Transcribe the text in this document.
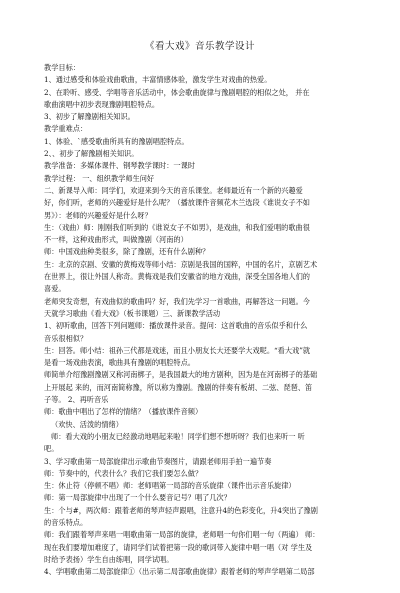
《看大戏》音乐教学设计
教学目标：
1、通过感受和体验戏曲歌曲，丰富情感体验，激发学生对戏曲的热爱。
2、在聆听、感受、学唱等音乐活动中，体会歌曲旋律与豫剧唱腔的相似之处， 并在
歌曲演唱中初步表现豫剧唱腔特点。
3、初步了解豫剧相关知识。
教学重难点：
1、体验、`感受歌曲所具有的豫剧唱腔特点。
2、、初步了解豫剧相关知识。
教学准备：多媒体课件、钢琴教学课时：一课时
教学过程： 一、组织教学师生问好
二、新课导入师：同学们，欢迎来到今天的音乐课堂。老师最近有一个新的兴趣爱
好，你们听，老师的兴趣爱好是什么呢？（播放课件音频花木兰选段《谁说女子不如
男》）：老师的兴趣爱好是什么呀？
生：（戏曲）师：刚刚我们听到的《谁说女子不如男》，是戏曲，和我们爱唱的歌曲很
不一样，这种戏曲形式，叫做豫剧（河南的）
师：中国戏曲种类很多，除了豫剧，还有什么剧种？
生：北京的京剧、安徽的黄梅戏等师小结：京剧是我国的国粹，中国的名片，京剧艺术
在世界上，很让外国人称奇。黄梅戏是我们安徽省的地方戏曲，深受全国各地人们的
喜爱。
老师突发奇想，有戏曲似的歌曲吗？好，我们先学习一首歌曲，再解答这一问题。今
天就学习歌曲《看大戏》（板书课题）三、新课教学活动
1、初听歌曲，回答下列问题师：播放课件录音。提问：这首歌曲的音乐似乎和什么
音乐很相似？
生：回答。师小结：祖孙三代都是戏迷，而且小朋友长大还要学大戏呢。“看大戏”就
是看一场戏曲表演，歌曲具有豫剧的唱腔特点。
师简单介绍豫剧豫剧又称河南梆子，是我国最大的地方剧种，因为是在河南梆子的基础
上开展起 来的，而河南简称豫，所以称为豫剧。豫剧的伴奏有板胡、二弦、琵琶、笛
子等。 2、再听音乐
师：歌曲中唱出了怎样的情绪？（播放课件音频）
（欢快、活泼的情绪）
师：看大戏的小朋友已经激动地唱起来啦！同学们想不想听呀？我们也来听一 听
吧。
3、学习歌曲第一局部旋律出示歌曲节奏图片，请跟老师用手拍一遍节奏
师：节奏中的，代表什么？我们它我们要怎么做？
生：休止符（停顿不唱）师：老师唱第一局部的音乐旋律（课件出示音乐旋律）
师：第一局部旋律中出现了一个什么要音记号？唱了几次？
生：个与#，两次师：跟着老师的琴声轻声跟唱，注意升4的色彩变化，升4突出了豫剧
的音乐特点。
师：我们跟着琴声来唱一唱歌曲第一局部的旋律，老师唱一句你们唱一句（两遍） 师：
现在我们要增加难度了，请同学们试着把第一段的歌词带入旋律中唱一唱（对 学生及
时给予表扬）学生自由练唱，同学试唱。
4、学唱歌曲第二局部旋律①（出示第二局部歌曲旋律）跟着老师的琴声学唱第二局部
